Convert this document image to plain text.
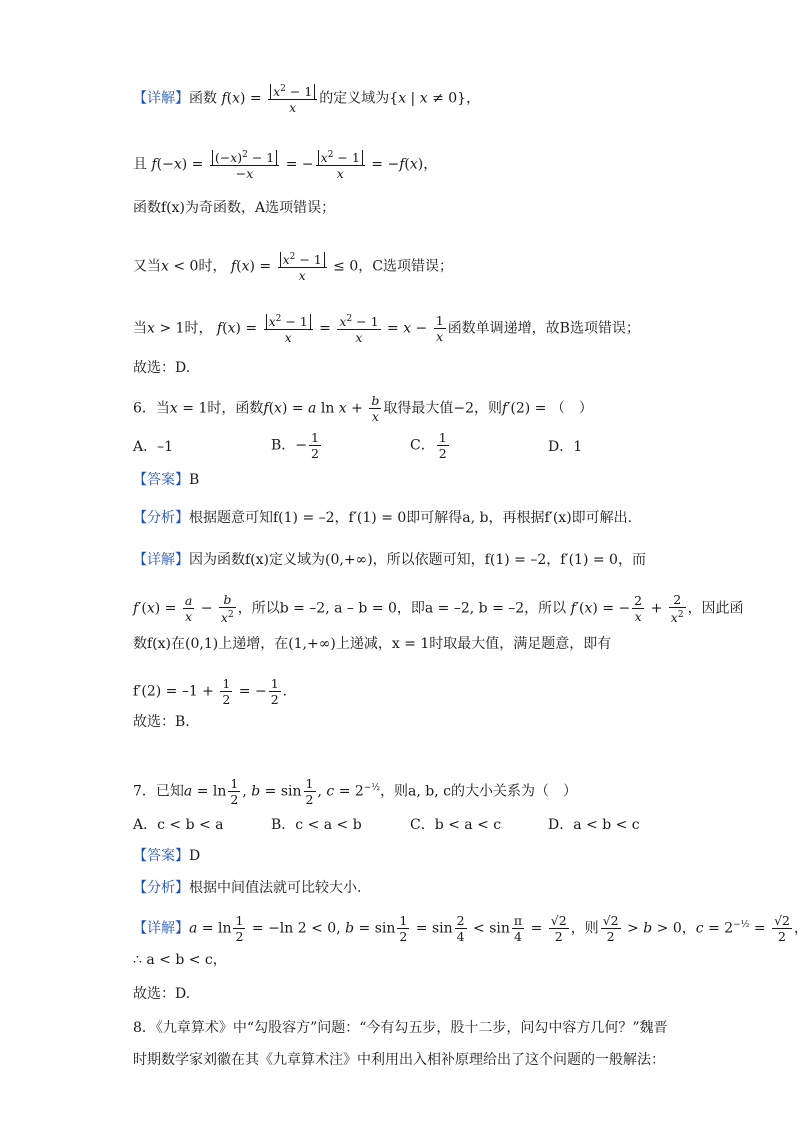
【详解】函数 $f(x) = \frac{x^2 - 1}{x}$ 的定义域为{x | x ≠ 0}，
且 $f(-x) = \frac{(-x)^2 - 1}{-x}$ = − $\frac{x^2 - 1}{x} = -f(x)$，
函数f(x)为奇函数，A选项错误；
又当x < 0时， $f(x) = \frac{x^2 - 1}{x} \le 0$，C选项错误；
当x > 1时， $f(x) = \frac{x^2 - 1}{x} = \frac{x^2 - 1}{x} = x - \frac{1}{x}$ 函数单调递增，故B选项错误；
故选：D.
6．当x = 1时，函数f(x) = a $\ln x + \frac{b}{x}$ 取得最大值−2，则f′(2) = （　）
A．–1	B．− $\frac{1}{2}$	C． $\frac{1}{2}$	D．1
【答案】B
【分析】根据题意可知f(1) = –2，f′(1) = 0即可解得a, b，再根据f′(x)即可解出.
【详解】因为函数f(x)定义域为(0,+∞)，所以依题可知，f(1) = –2，f′(1) = 0，而
$f'(x) = \frac{a}{x} - \frac{b}{x^2}$ ，所以b = –2, a – b = 0，即a = –2, b = –2，所以 f′(x) = − $\frac{2}{x} + \frac{2}{x^2}$ ，因此函
数f(x)在(0,1)上递增，在(1,+∞)上递减，x = 1时取最大值，满足题意，即有
$f'(2) = -1 + \frac{1}{2}$ = − $\frac{1}{2}$ .
故选：B.
7．已知$a = \ln \frac{1}{2}$ , $b = \sin \frac{1}{2}$ , $c = 2^{-\frac{1}{2}}$，则a, b, c的大小关系为（　）
A．c < b < a	B．c < a < b	C．b < a < c	D．a < b < c
【答案】D
【分析】根据中间值法就可比较大小.
【详解】$a = \ln \frac{1}{2} = -\ln$ 2 < 0, $b = \sin \frac{1}{2} = \sin \frac{2}{4} < \sin \frac{\pi}{4} = \frac{√2}{2}$ ，则 $\frac{√2}{2} > b > 0$，$c = 2^{-\frac{1}{2}} = \frac{√2}{2}$ ，
∴ a < b < c，
故选：D.
8．《九章算术》中“勾股容方”问题：“今有勾五步，股十二步，问勾中容方几何？”魏晋
时期数学家刘徽在其《九章算术注》中利用出入相补原理给出了这个问题的一般解法：
